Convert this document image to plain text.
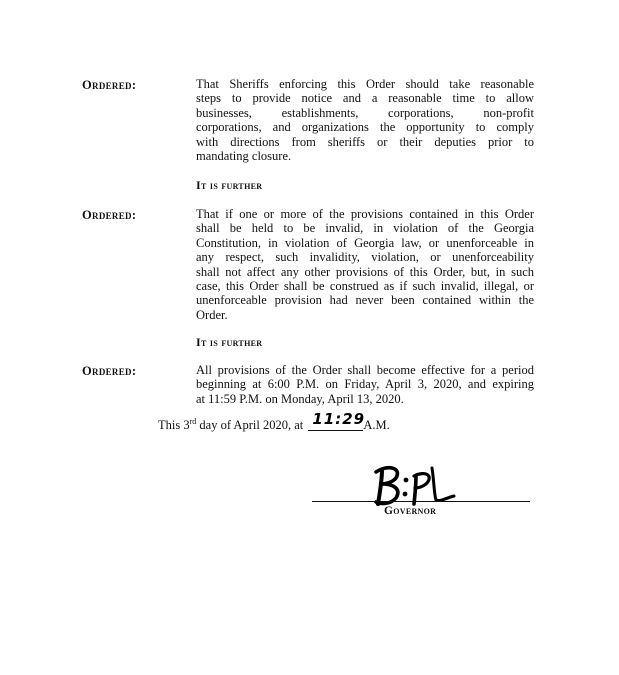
Ordered:	That Sheriffs enforcing this Order should take reasonable
steps to provide notice and a reasonable time to allow
businesses, establishments, corporations, non-profit
corporations, and organizations the opportunity to comply
with directions from sheriffs or their deputies prior to
mandating closure.

It is further
Ordered:	That if one or more of the provisions contained in this Order
shall be held to be invalid, in violation of the Georgia
Constitution, in violation of Georgia law, or unenforceable in
any respect, such invalidity, violation, or unenforceability
shall not affect any other provisions of this Order, but, in such
case, this Order shall be construed as if such invalid, illegal, or
unenforceable provision had never been contained within the
Order.

It is further
Ordered:	All provisions of the Order shall become effective for a period
beginning at 6:00 P.M. on Friday, April 3, 2020, and expiring
at 11:59 P.M. on Monday, April 13, 2020.

This 3rd day of April 2020, at 11:29
A.M.
Governor
